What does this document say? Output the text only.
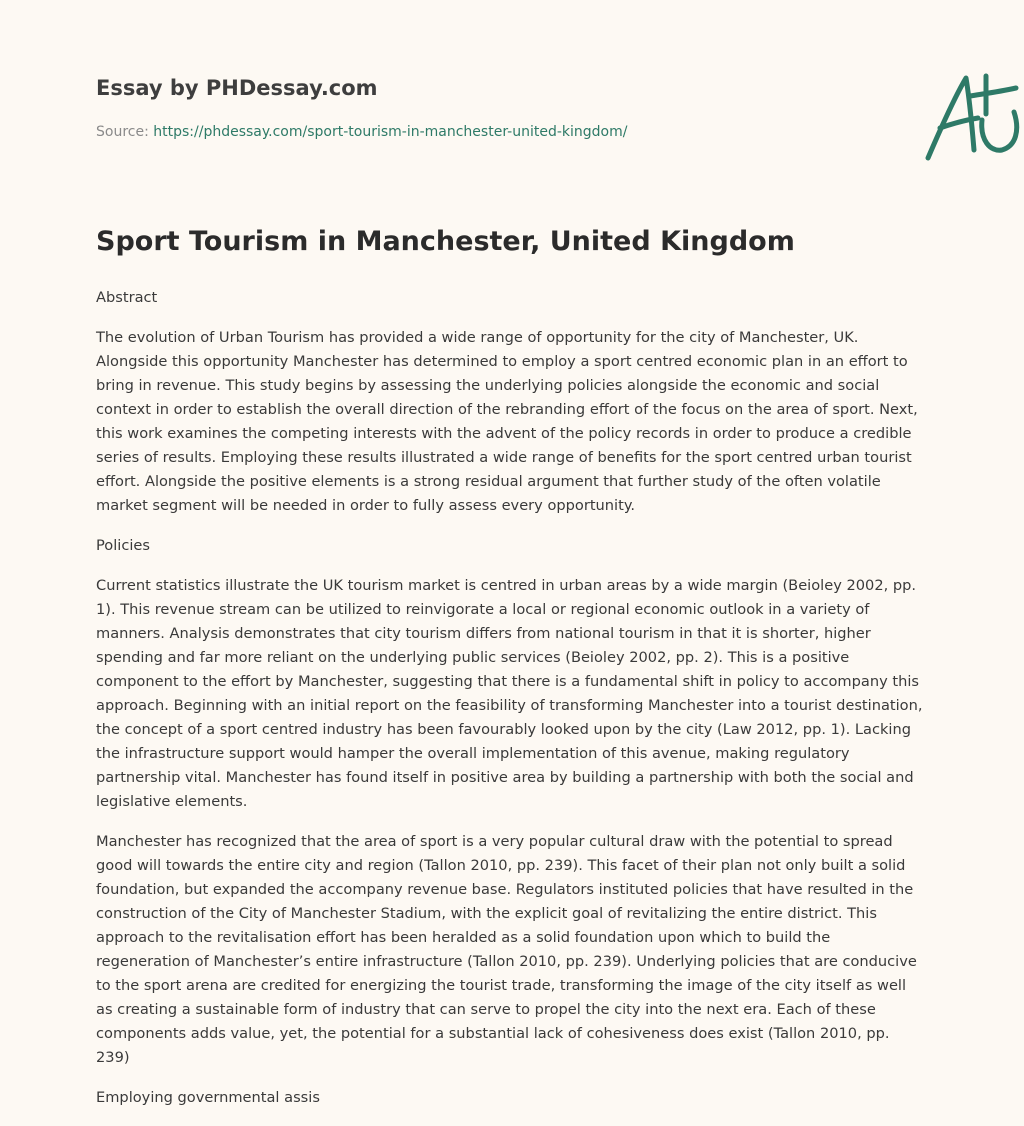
Essay by PHDessay.com
Source: https://phdessay.com/sport-tourism-in-manchester-united-kingdom/
Sport Tourism in Manchester, United Kingdom

Abstract

The evolution of Urban Tourism has provided a wide range of opportunity for the city of Manchester, UK. Alongside this opportunity Manchester has determined to employ a sport centred economic plan in an effort to bring in revenue. This study begins by assessing the underlying policies alongside the economic and social context in order to establish the overall direction of the rebranding effort of the focus on the area of sport. Next, this work examines the competing interests with the advent of the policy records in order to produce a credible series of results. Employing these results illustrated a wide range of benefits for the sport centred urban tourist effort. Alongside the positive elements is a strong residual argument that further study of the often volatile market segment will be needed in order to fully assess every opportunity.

Policies

Current statistics illustrate the UK tourism market is centred in urban areas by a wide margin (Beioley 2002, pp. 1). This revenue stream can be utilized to reinvigorate a local or regional economic outlook in a variety of manners. Analysis demonstrates that city tourism differs from national tourism in that it is shorter, higher spending and far more reliant on the underlying public services (Beioley 2002, pp. 2). This is a positive component to the effort by Manchester, suggesting that there is a fundamental shift in policy to accompany this approach. Beginning with an initial report on the feasibility of transforming Manchester into a tourist destination, the concept of a sport centred industry has been favourably looked upon by the city (Law 2012, pp. 1). Lacking the infrastructure support would hamper the overall implementation of this avenue, making regulatory partnership vital. Manchester has found itself in positive area by building a partnership with both the social and legislative elements.

Manchester has recognized that the area of sport is a very popular cultural draw with the potential to spread good will towards the entire city and region (Tallon 2010, pp. 239). This facet of their plan not only built a solid foundation, but expanded the accompany revenue base. Regulators instituted policies that have resulted in the construction of the City of Manchester Stadium, with the explicit goal of revitalizing the entire district. This approach to the revitalisation effort has been heralded as a solid foundation upon which to build the regeneration of Manchester’s entire infrastructure (Tallon 2010, pp. 239). Underlying policies that are conducive to the sport arena are credited for energizing the tourist trade, transforming the image of the city itself as well as creating a sustainable form of industry that can serve to propel the city into the next era. Each of these components adds value, yet, the potential for a substantial lack of cohesiveness does exist (Tallon 2010, pp. 239)

Employing governmental assis
